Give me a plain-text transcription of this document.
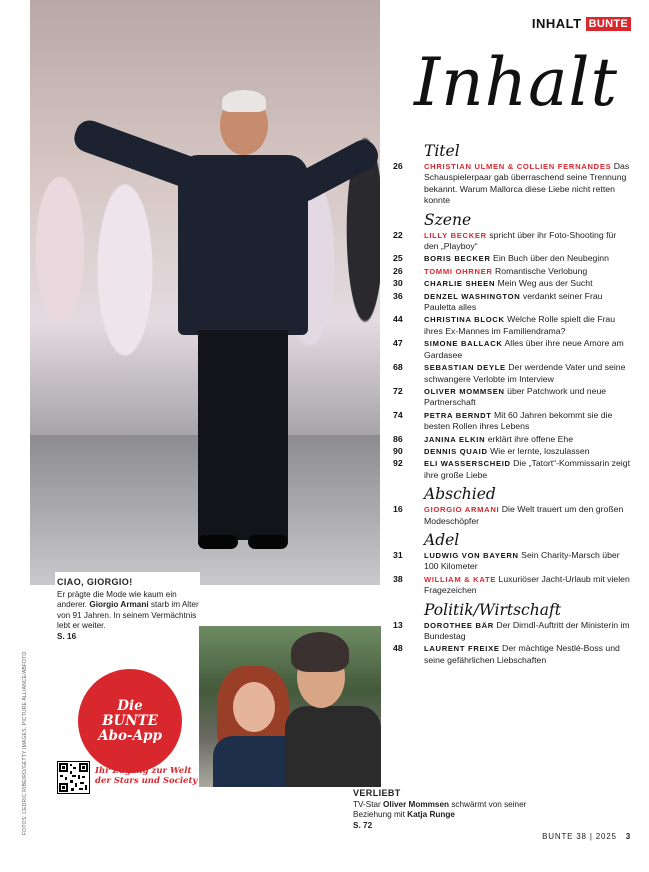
INHALT BUNTE
Inhalt
CIAO, GIORGIO!
Er prägte die Mode wie kaum ein anderer. Giorgio Armani starb im Alter von 91 Jahren. In seinem Vermächtnis lebt er weiter.
S. 16
FOTOS: CEDRIC RIBEIRO/GETTY IMAGES, PICTURE ALLIANCE/ABFOTO	Die
BUNTE
Abo-App
Ihr Zugang zur Welt
der Stars und Society
VERLIEBT
TV-Star Oliver Mommsen schwärmt von seiner Beziehung mit Katja Runge
S. 72
Titel
26	CHRISTIAN ULMEN & COLLIEN FERNANDES Das Schauspielerpaar gab überraschend seine Trennung bekannt. Warum Mallorca diese Liebe nicht retten konnte
Szene
22	LILLY BECKER spricht über ihr Foto-Shooting für den „Playboy“
25	BORIS BECKER Ein Buch über den Neubeginn
26	TOMMI OHRNER Romantische Verlobung
30	CHARLIE SHEEN Mein Weg aus der Sucht
36	DENZEL WASHINGTON verdankt seiner Frau Pauletta alles
44	CHRISTINA BLOCK Welche Rolle spielt die Frau ihres Ex-Mannes im Familiendrama?
47	SIMONE BALLACK Alles über ihre neue Amore am Gardasee
68	SEBASTIAN DEYLE Der werdende Vater und seine schwangere Verlobte im Interview
72	OLIVER MOMMSEN über Patchwork und neue Partnerschaft
74	PETRA BERNDT Mit 60 Jahren bekommt sie die besten Rollen ihres Lebens
86	JANINA ELKIN erklärt ihre offene Ehe
90	DENNIS QUAID Wie er lernte, loszulassen
92	ELI WASSERSCHEID Die „Tatort“-Kommissarin zeigt ihre große Liebe
Abschied
16	GIORGIO ARMANI Die Welt trauert um den großen Modeschöpfer
Adel
31	LUDWIG VON BAYERN Sein Charity-Marsch über 100 Kilometer
38	WILLIAM & KATE Luxuriöser Jacht-Urlaub mit vielen Fragezeichen
Politik/Wirtschaft
13	DOROTHEE BÄR Der Dirndl-Auftritt der Ministerin im Bundestag
48	LAURENT FREIXE Der mächtige Nestlé-Boss und seine gefährlichen Liebschaften
BUNTE 38 | 2025 3
